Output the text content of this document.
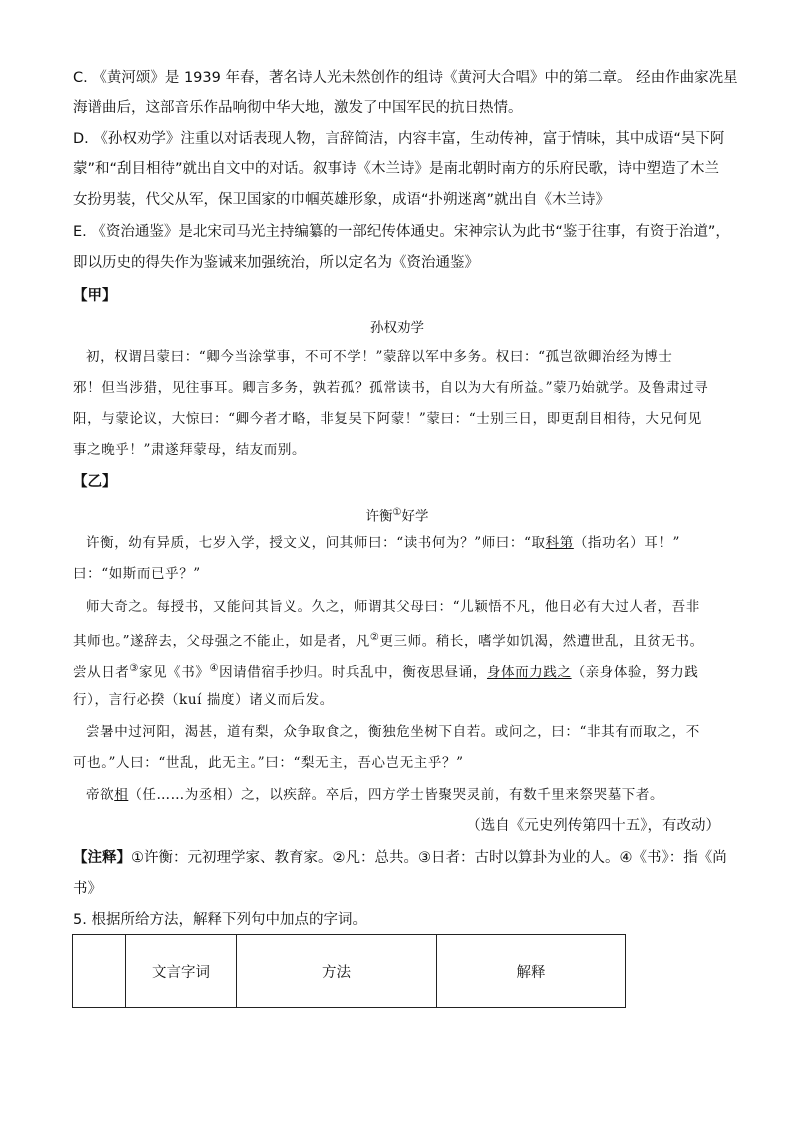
C. 《黄河颂》是 1939 年春，著名诗人光未然创作的组诗《黄河大合唱》中的第二章。 经由作曲家冼星
海谱曲后，这部音乐作品响彻中华大地，激发了中国军民的抗日热情。
D. 《孙权劝学》注重以对话表现人物，言辞简洁，内容丰富，生动传神，富于情味，其中成语“吴下阿
蒙”和“刮目相待”就出自文中的对话。叙事诗《木兰诗》是南北朝时南方的乐府民歌，诗中塑造了木兰
女扮男装，代父从军，保卫国家的巾帼英雄形象，成语“扑朔迷离”就出自《木兰诗》
E. 《资治通鉴》是北宋司马光主持编纂的一部纪传体通史。宋神宗认为此书“鉴于往事，有资于治道”，
即以历史的得失作为鉴诫来加强统治，所以定名为《资治通鉴》
【甲】
孙权劝学
初，权谓吕蒙曰：“卿今当涂掌事，不可不学！”蒙辞以军中多务。权曰：“孤岂欲卿治经为博士
邪！但当涉猎，见往事耳。卿言多务，孰若孤？孤常读书，自以为大有所益。”蒙乃始就学。及鲁肃过寻
阳，与蒙论议，大惊曰：“卿今者才略，非复吴下阿蒙！”蒙曰：“士别三日，即更刮目相待，大兄何见
事之晚乎！”肃遂拜蒙母，结友而别。
【乙】
许衡①好学
许衡，幼有异质，七岁入学，授文义，问其师曰：“读书何为？”师曰：“取科第（指功名）耳！”
曰：“如斯而已乎？”
师大奇之。每授书，又能问其旨义。久之，师谓其父母曰：“儿颖悟不凡，他日必有大过人者，吾非
其师也。”遂辞去，父母强之不能止，如是者，凡②更三师。稍长，嗜学如饥渴，然遭世乱，且贫无书。
尝从日者③家见《书》④因请借宿手抄归。时兵乱中，衡夜思昼诵，身体而力践之（亲身体验，努力践
行），言行必揆（kuí 揣度）诸义而后发。
尝暑中过河阳，渴甚，道有梨，众争取食之，衡独危坐树下自若。或问之，曰：“非其有而取之，不
可也。”人曰：“世乱，此无主。”曰：“梨无主，吾心岂无主乎？”
帝欲相（任……为丞相）之，以疾辞。卒后，四方学士皆聚哭灵前，有数千里来祭哭墓下者。
（选自《元史列传第四十五》，有改动）
【注释】①许衡：元初理学家、教育家。②凡：总共。③日者：古时以算卦为业的人。④《书》：指《尚
书》
5. 根据所给方法，解释下列句中加点的字词。
	文言字词	方法	解释
